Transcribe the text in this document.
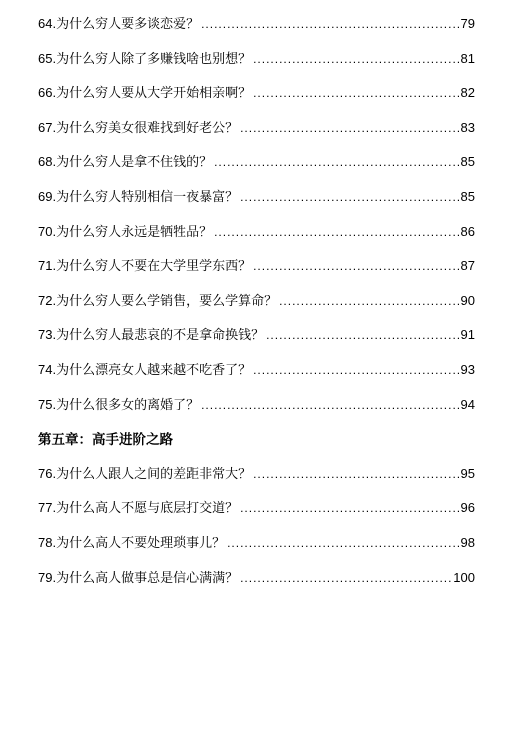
64. 为什么穷人要多谈恋爱？ .....	79
65. 为什么穷人除了多赚钱啥也别想？ .....	81
66. 为什么穷人要从大学开始相亲啊？ .....	82
67. 为什么穷美女很难找到好老公？ .....	83
68. 为什么穷人是拿不住钱的？ .....	85
69. 为什么穷人特别相信一夜暴富？ .....	85
70. 为什么穷人永远是牺牲品？ .....	86
71. 为什么穷人不要在大学里学东西？ .....	87
72. 为什么穷人要么学销售，要么学算命？ .....	90
73. 为什么穷人最悲哀的不是拿命换钱？ .....	91
74. 为什么漂亮女人越来越不吃香了？ .....	93
75. 为什么很多女的离婚了？ .....	94
第五章：高手进阶之路
76. 为什么人跟人之间的差距非常大？ .....	95
77. 为什么高人不愿与底层打交道？ .....	96
78. 为什么高人不要处理琐事儿？ .....	98
79. 为什么高人做事总是信心满满？ .....	100
